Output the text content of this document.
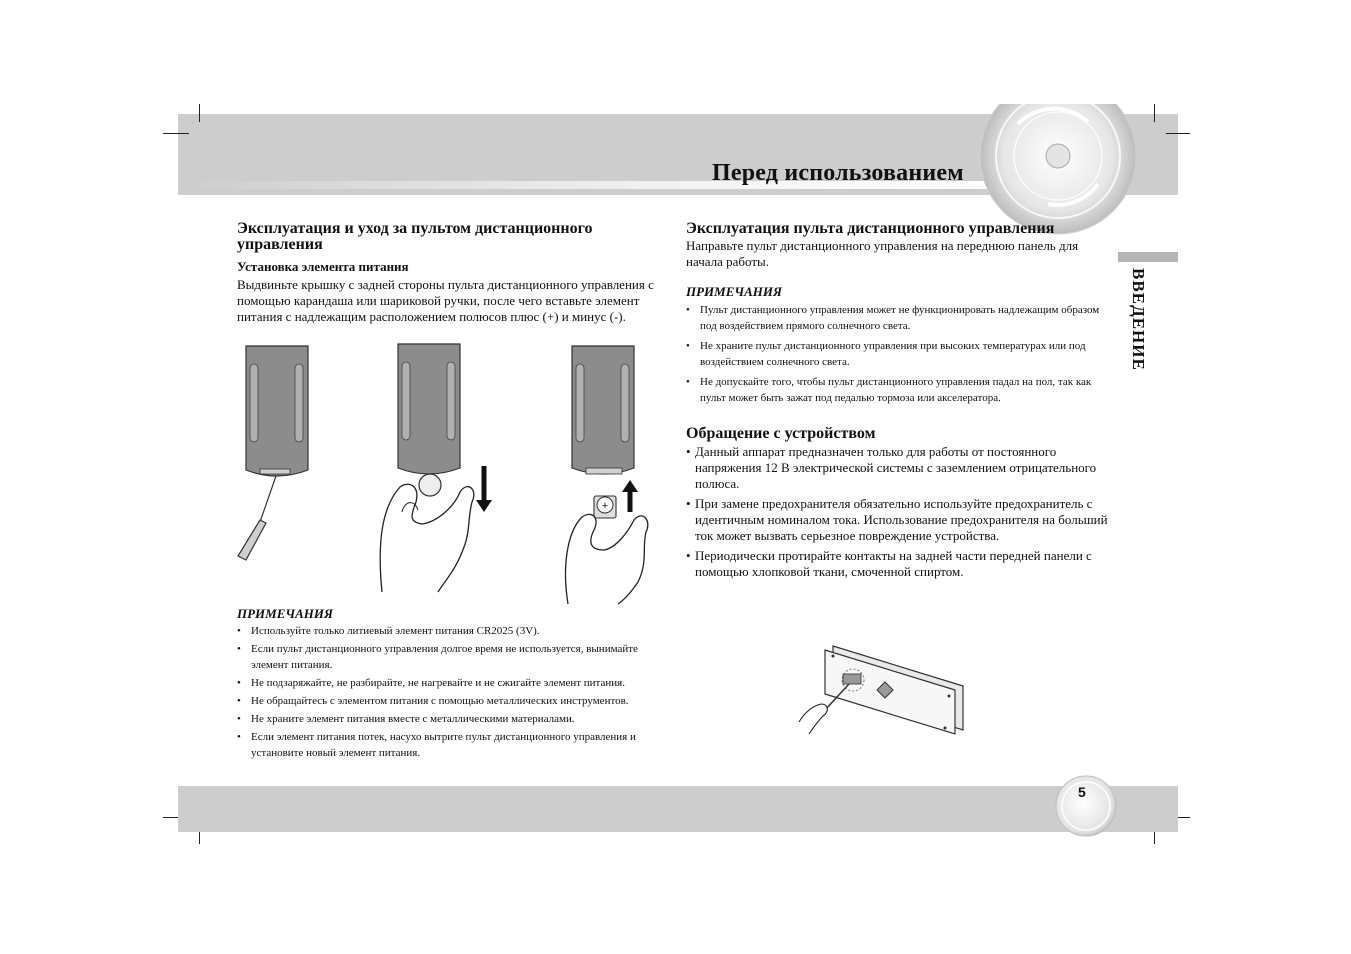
Перед использованием
ВВЕДЕНИЕ
Эксплуатация и уход за пультом дистанционного управления
Установка элемента питания
Выдвиньте крышку с задней стороны пульта дистанционного управления с помощью карандаша или шариковой ручки, после чего вставьте элемент питания с надлежащим расположением полюсов плюс (+) и минус (-).
+
ПРИМЕЧАНИЯ
• Используйте только литиевый элемент питания CR2025 (3V).
• Если пульт дистанционного управления долгое время не используется, вынимайте элемент питания.
• Не подзаряжайте, не разбирайте, не нагревайте и не сжигайте элемент питания.
• Не обращайтесь с элементом питания с помощью металлических инструментов.
• Не храните элемент питания вместе с металлическими материалами.
• Если элемент питания потек, насухо вытрите пульт дистанционного управления и установите новый элемент питания.
Эксплуатация пульта дистанционного управления
Направьте пульт дистанционного управления на переднюю панель для начала работы.
ПРИМЕЧАНИЯ
• Пульт дистанционного управления может не функционировать надлежащим образом под воздействием прямого солнечного света.
• Не храните пульт дистанционного управления при высоких температурах или под воздействием солнечного света.
• Не допускайте того, чтобы пульт дистанционного управления падал на пол, так как пульт может быть зажат под педалью тормоза или акселератора.
Обращение с устройством
• Данный аппарат предназначен только для работы от постоянного напряжения 12 В электрической системы с заземлением отрицательного полюса.
• При замене предохранителя обязательно используйте предохранитель с идентичным номиналом тока. Использование предохранителя на больший ток может вызвать серьезное повреждение устройства.
• Периодически протирайте контакты на задней части передней панели с помощью хлопковой ткани, смоченной спиртом.
5
